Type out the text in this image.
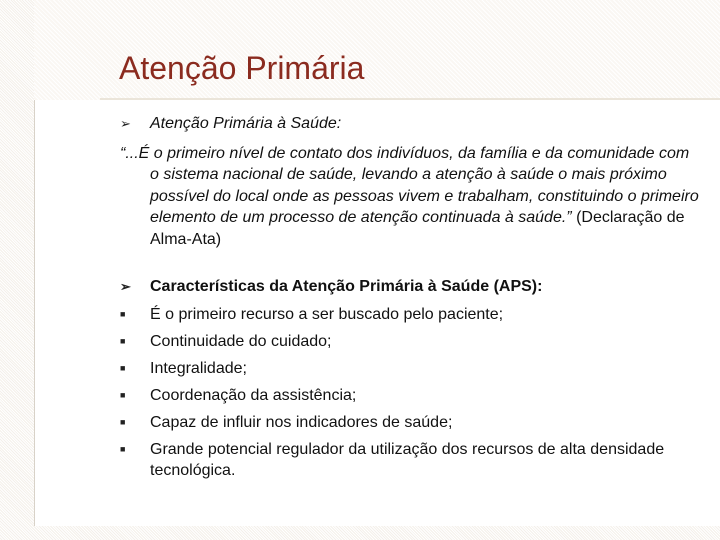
Atenção Primária
➢	Atenção Primária à Saúde:
“...É o primeiro nível de contato dos indivíduos, da família e da comunidade com o sistema nacional de saúde, levando a atenção à saúde o mais próximo possível do local onde as pessoas vivem e trabalham, constituindo o primeiro elemento de um processo de atenção continuada à saúde.” (Declaração de Alma-Ata)
➢	Características da Atenção Primária à Saúde (APS):
■	É o primeiro recurso a ser buscado pelo paciente;
■	Continuidade do cuidado;
■	Integralidade;
■	Coordenação da assistência;
■	Capaz de influir nos indicadores de saúde;
■	Grande potencial regulador da utilização dos recursos de alta densidade tecnológica.
